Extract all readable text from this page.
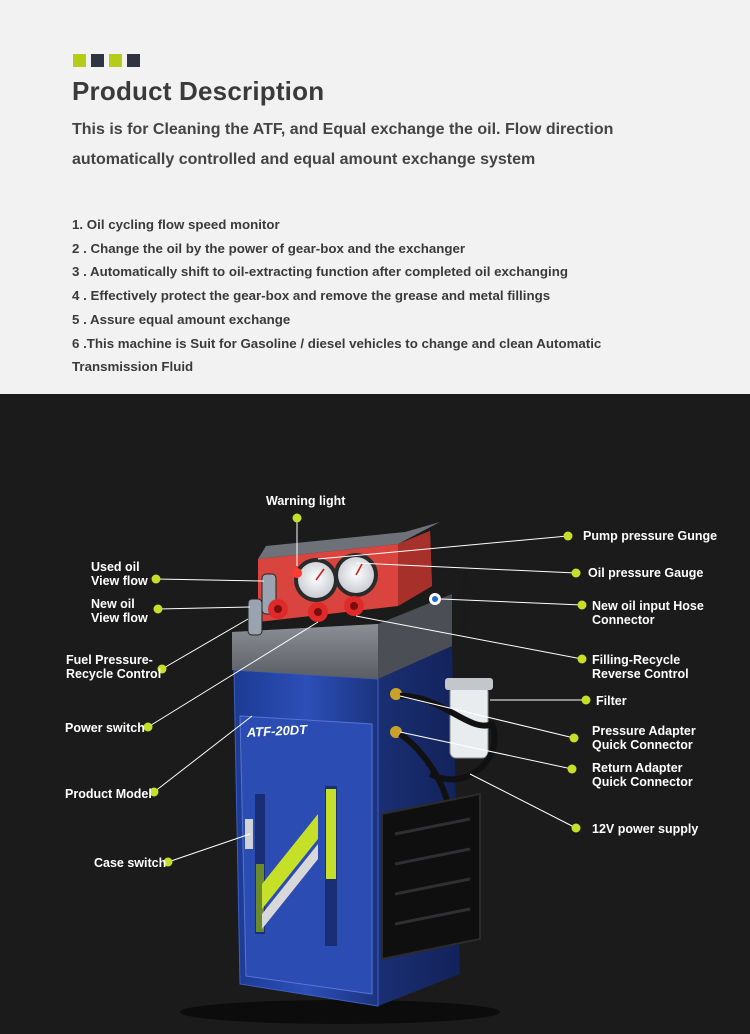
Product Description
This is for Cleaning the ATF, and Equal exchange the oil. Flow direction automatically controlled and equal amount exchange system
1. Oil cycling flow speed monitor
2 . Change the oil by the power of gear-box and the exchanger
3 . Automatically shift to oil-extracting function after completed oil exchanging
4 . Effectively protect the gear-box and remove the grease and metal fillings
5 . Assure equal amount exchange
6 .This machine is Suit for Gasoline / diesel vehicles to change and clean Automatic Transmission Fluid
ATF-20DT
Warning light
Used oil
View flow
New oil
View flow
Fuel Pressure-
Recycle Control
Power switch
Product Model
Case switch
Pump pressure Gunge
Oil pressure Gauge
New oil input Hose
Connector
Filling-Recycle
Reverse Control
Filter
Pressure Adapter
Quick Connector
Return Adapter
Quick Connector
12V power supply
